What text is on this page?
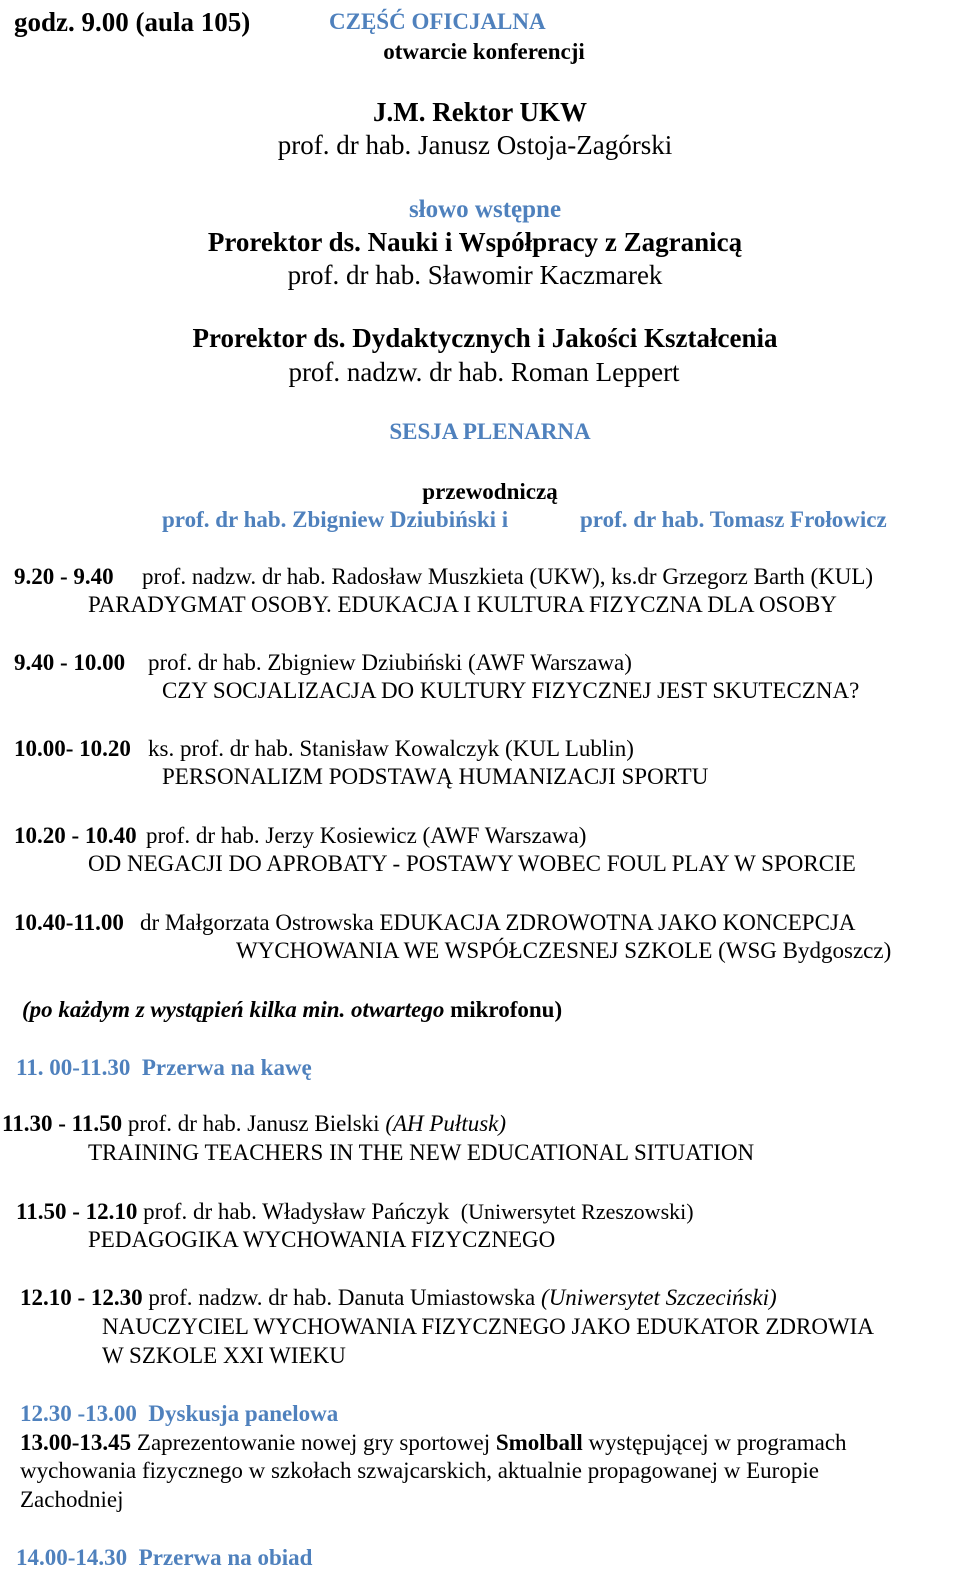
godz. 9.00 (aula 105)	CZĘŚĆ OFICJALNA
otwarcie konferencji
J.M. Rektor UKW
prof. dr hab. Janusz Ostoja-Zagórski
słowo wstępne
Prorektor ds. Nauki i Współpracy z Zagranicą
prof. dr hab. Sławomir Kaczmarek
Prorektor ds. Dydaktycznych i Jakości Kształcenia
prof. nadzw. dr hab. Roman Leppert
SESJA PLENARNA
przewodniczą
prof. dr hab. Zbigniew Dziubiński i	prof. dr hab. Tomasz Frołowicz
9.20 - 9.40 prof. nadzw. dr hab. Radosław Muszkieta (UKW), ks.dr Grzegorz Barth (KUL)
PARADYGMAT OSOBY. EDUKACJA I KULTURA FIZYCZNA DLA OSOBY
9.40 - 10.00 prof. dr hab. Zbigniew Dziubiński (AWF Warszawa)
CZY SOCJALIZACJA DO KULTURY FIZYCZNEJ JEST SKUTECZNA?
10.00- 10.20 ks. prof. dr hab. Stanisław Kowalczyk (KUL Lublin)
PERSONALIZM PODSTAWĄ HUMANIZACJI SPORTU
10.20 - 10.40 prof. dr hab. Jerzy Kosiewicz (AWF Warszawa)
OD NEGACJI DO APROBATY - POSTAWY WOBEC FOUL PLAY W SPORCIE
10.40-11.00 dr Małgorzata Ostrowska EDUKACJA ZDROWOTNA JAKO KONCEPCJA
WYCHOWANIA WE WSPÓŁCZESNEJ SZKOLE (WSG Bydgoszcz)
(po każdym z wystąpień kilka min. otwartego mikrofonu)
11. 00-11.30 Przerwa na kawę
11.30 - 11.50 prof. dr hab. Janusz Bielski (AH Pułtusk)
TRAINING TEACHERS IN THE NEW EDUCATIONAL SITUATION
11.50 - 12.10 prof. dr hab. Władysław Pańczyk (Uniwersytet Rzeszowski)
PEDAGOGIKA WYCHOWANIA FIZYCZNEGO
12.10 - 12.30 prof. nadzw. dr hab. Danuta Umiastowska (Uniwersytet Szczeciński)
NAUCZYCIEL WYCHOWANIA FIZYCZNEGO JAKO EDUKATOR ZDROWIA
W SZKOLE XXI WIEKU
12.30 -13.00 Dyskusja panelowa
13.00-13.45 Zaprezentowanie nowej gry sportowej Smolball występującej w programach
wychowania fizycznego w szkołach szwajcarskich, aktualnie propagowanej w Europie
Zachodniej
14.00-14.30 Przerwa na obiad
